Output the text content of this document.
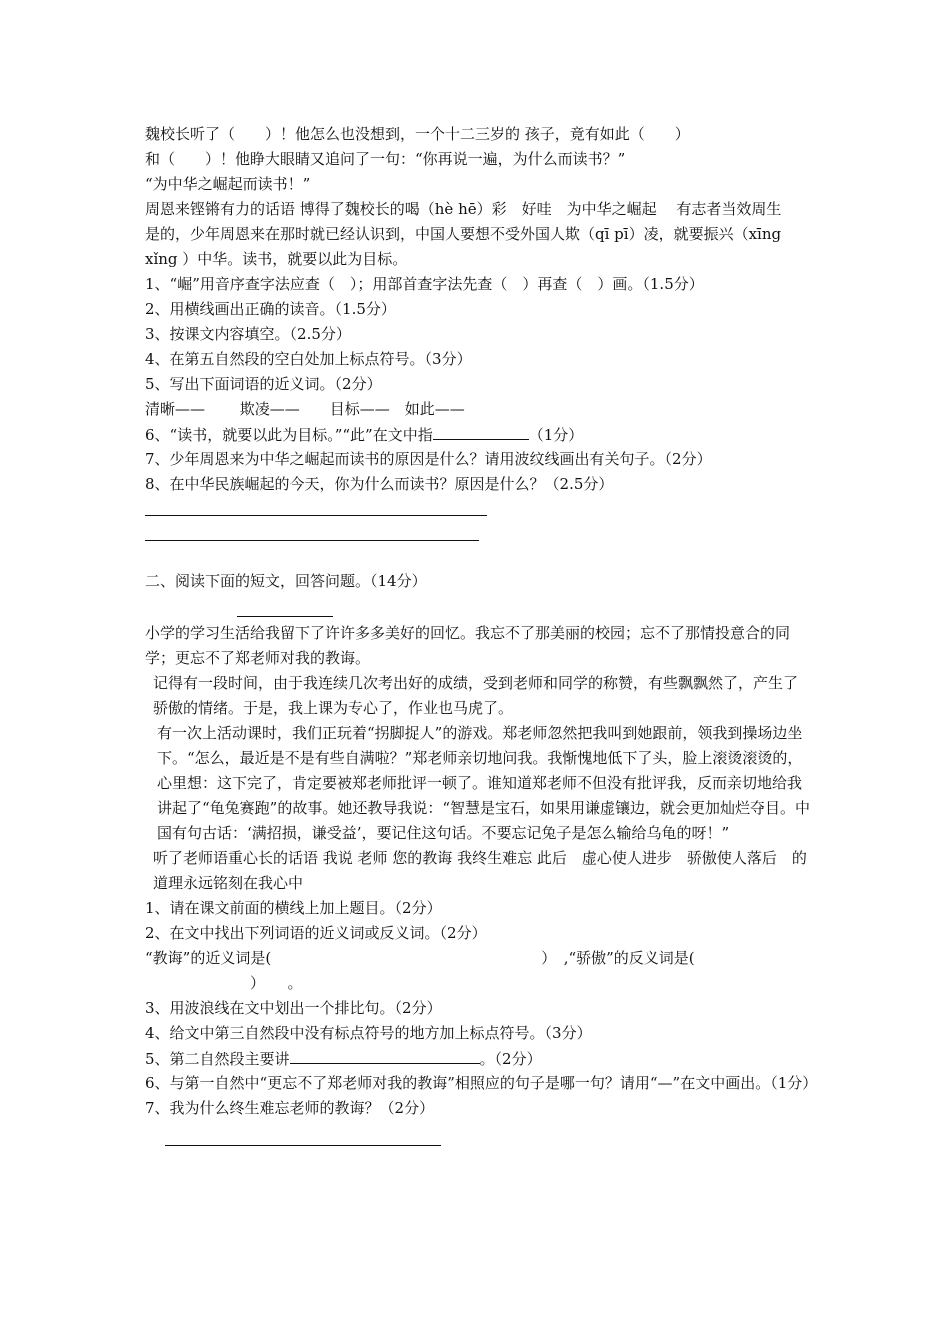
魏校长听了（　　）！他怎么也没想到，一个十二三岁的 孩子，竟有如此（　　）
和（　　）！他睁大眼睛又追问了一句：“你再说一遍，为什么而读书？”
“为中华之崛起而读书！”
周恩来铿锵有力的话语 博得了魏校长的喝（hè hē）彩　好哇　为中华之崛起　 有志者当效周生
是的，少年周恩来在那时就已经认识到，中国人要想不受外国人欺（qī pī）凌，就要振兴（xīng xǐng ）中华。读书，就要以此为目标。
1、“崛”用音序查字法应查（　）；用部首查字法先查（　）再查（　）画。（1.5分）
2、用横线画出正确的读音。（1.5分）
3、按课文内容填空。（2.5分）
4、在第五自然段的空白处加上标点符号。（3分）
5、写出下面词语的近义词。（2分）
清晰——　　 欺凌——　　目标——　如此——
6、“读书，就要以此为目标。”“此”在文中指	（1分）
7、少年周恩来为中华之崛起而读书的原因是什么？请用波纹线画出有关句子。（2分）
8、在中华民族崛起的今天，你为什么而读书？原因是什么？（2.5分）
二、阅读下面的短文，回答问题。（14分）
小学的学习生活给我留下了许许多多美好的回忆。我忘不了那美丽的校园；忘不了那情投意合的同学；更忘不了郑老师对我的教诲。
记得有一段时间，由于我连续几次考出好的成绩，受到老师和同学的称赞，有些飘飘然了，产生了骄傲的情绪。于是，我上课为专心了，作业也马虎了。
有一次上活动课时，我们正玩着“拐脚捉人”的游戏。郑老师忽然把我叫到她跟前，领我到操场边坐下。“怎么，最近是不是有些自满啦？”郑老师亲切地问我。我惭愧地低下了头，脸上滚烫滚烫的，心里想：这下完了，肯定要被郑老师批评一顿了。谁知道郑老师不但没有批评我，反而亲切地给我讲起了“龟兔赛跑”的故事。她还教导我说：“智慧是宝石，如果用谦虚镶边，就会更加灿烂夺目。中国有句古话：‘满招损，谦受益’，要记住这句话。不要忘记兔子是怎么输给乌龟的呀！”
听了老师语重心长的话语 我说 老师 您的教诲 我终生难忘 此后　虚心使人进步　骄傲使人落后　的道理永远铭刻在我心中
1、请在课文前面的横线上加上题目。（2分）
2、在文中找出下列词语的近义词或反义词。（2分）
“教诲”的近义词是(　　　　　　　　　　　　　　　　　　）　,“骄傲”的反义词是(
　　　　　　　）　　。
3、用波浪线在文中划出一个排比句。（2分）
4、给文中第三自然段中没有标点符号的地方加上标点符号。（3分）
5、第二自然段主要讲	。（2分）
6、与第一自然中“更忘不了郑老师对我的教诲”相照应的句子是哪一句？请用“—”在文中画出。（1分）
7、我为什么终生难忘老师的教诲？（2分）
